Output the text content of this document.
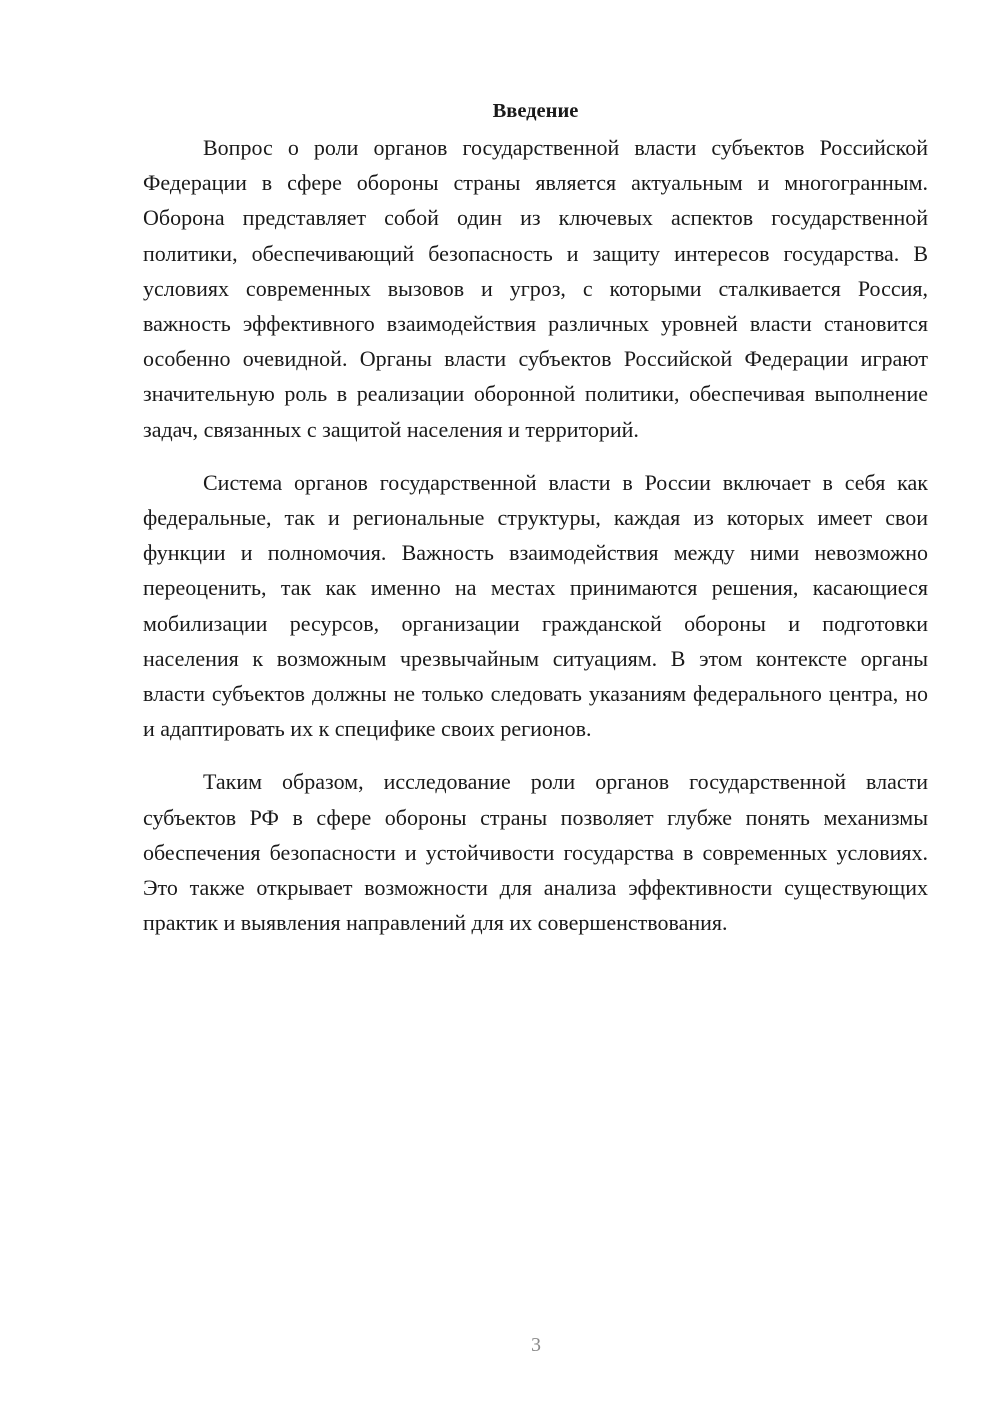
Введение

Вопрос о роли органов государственной власти субъектов Российской Федерации в сфере обороны страны является актуальным и многогранным. Оборона представляет собой один из ключевых аспектов государственной политики, обеспечивающий безопасность и защиту интересов государства. В условиях современных вызовов и угроз, с которыми сталкивается Россия, важность эффективного взаимодействия различных уровней власти становится особенно очевидной. Органы власти субъектов Российской Федерации играют значительную роль в реализации оборонной политики, обеспечивая выполнение задач, связанных с защитой населения и территорий.

Система органов государственной власти в России включает в себя как федеральные, так и региональные структуры, каждая из которых имеет свои функции и полномочия. Важность взаимодействия между ними невозможно переоценить, так как именно на местах принимаются решения, касающиеся мобилизации ресурсов, организации гражданской обороны и подготовки населения к возможным чрезвычайным ситуациям. В этом контексте органы власти субъектов должны не только следовать указаниям федерального центра, но и адаптировать их к специфике своих регионов.

Таким образом, исследование роли органов государственной власти субъектов РФ в сфере обороны страны позволяет глубже понять механизмы обеспечения безопасности и устойчивости государства в современных условиях. Это также открывает возможности для анализа эффективности существующих практик и выявления направлений для их совершенствования.

3
